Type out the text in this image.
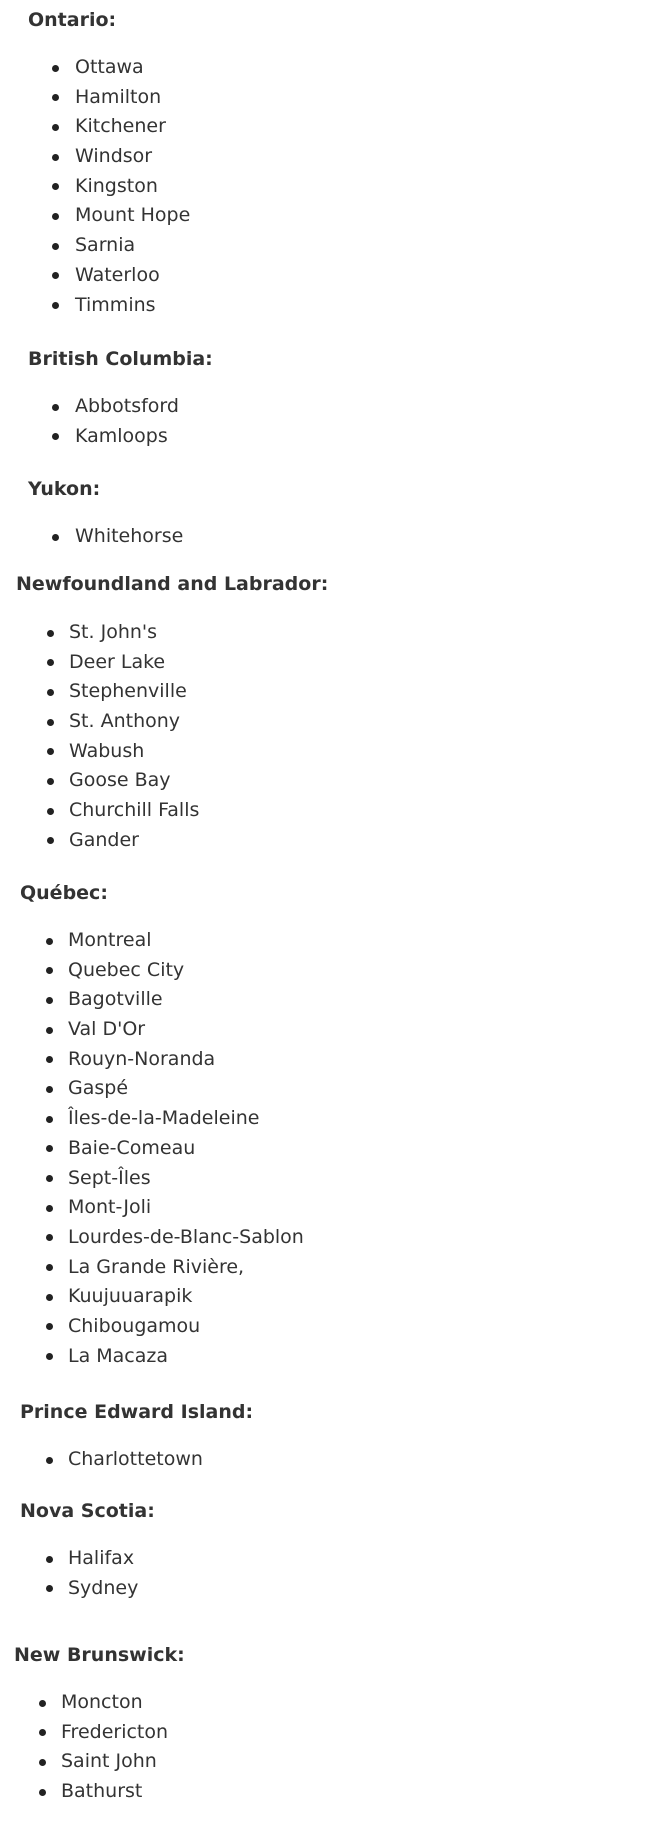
Ontario:
Ottawa
Hamilton
Kitchener
Windsor
Kingston
Mount Hope
Sarnia
Waterloo
Timmins
British Columbia:
Abbotsford
Kamloops
Yukon:
Whitehorse
Newfoundland and Labrador:
St. John's
Deer Lake
Stephenville
St. Anthony
Wabush
Goose Bay
Churchill Falls
Gander
Québec:
Montreal
Quebec City
Bagotville
Val D'Or
Rouyn-Noranda
Gaspé
Îles-de-la-Madeleine
Baie-Comeau
Sept-Îles
Mont-Joli
Lourdes-de-Blanc-Sablon
La Grande Rivière,
Kuujuuarapik
Chibougamou
La Macaza
Prince Edward Island:
Charlottetown
Nova Scotia:
Halifax
Sydney
New Brunswick:
Moncton
Fredericton
Saint John
Bathurst
